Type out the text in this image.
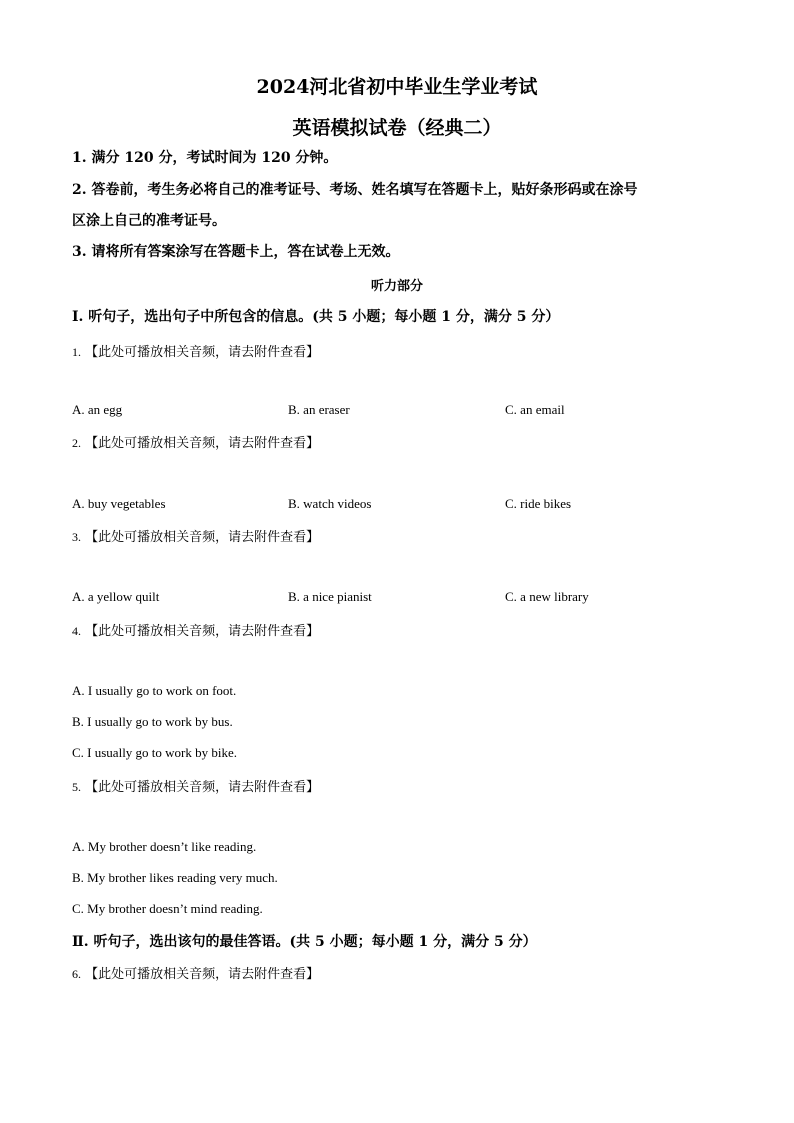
2024河北省初中毕业生学业考试
英语模拟试卷（经典二）
1. 满分 120 分，考试时间为 120 分钟。
2. 答卷前，考生务必将自己的准考证号、考场、姓名填写在答题卡上，贴好条形码或在涂号
区涂上自己的准考证号。
3. 请将所有答案涂写在答题卡上，答在试卷上无效。
听力部分
Ⅰ. 听句子，选出句子中所包含的信息。(共 5 小题；每小题 1 分，满分 5 分）
1. 【此处可播放相关音频，请去附件查看】
A. an egg	B. an eraser	C. an email
2. 【此处可播放相关音频，请去附件查看】
A. buy vegetables	B. watch videos	C. ride bikes
3. 【此处可播放相关音频，请去附件查看】
A. a yellow quilt	B. a nice pianist	C. a new library
4. 【此处可播放相关音频，请去附件查看】
A. I usually go to work on foot.
B. I usually go to work by bus.
C. I usually go to work by bike.
5. 【此处可播放相关音频，请去附件查看】
A. My brother doesn’t like reading.
B. My brother likes reading very much.
C. My brother doesn’t mind reading.
Ⅱ. 听句子，选出该句的最佳答语。(共 5 小题；每小题 1 分，满分 5 分）
6. 【此处可播放相关音频，请去附件查看】
